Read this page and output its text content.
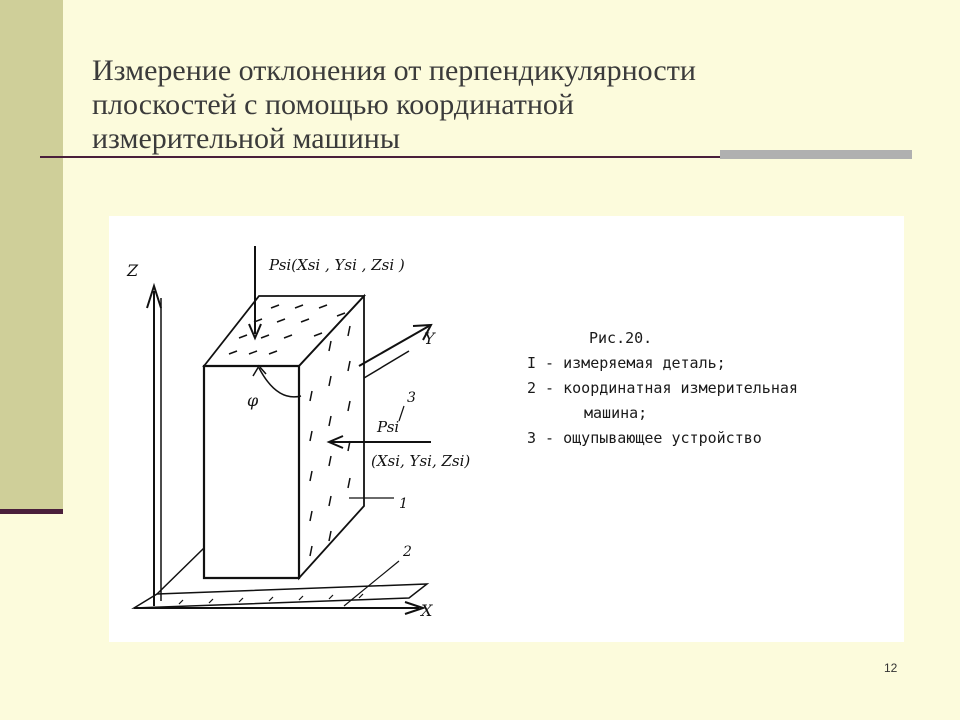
Измерение отклонения от перпендикулярности
плоскостей с помощью координатной
измерительной машины
Z
Y
X
Psi(Xsi , Ysi , Zsi )
Psi
(Xsi, Ysi, Zsi)
φ
1
2
3
Рис.20.
I - измеряемая деталь;
2 - координатная измерительная
машина;
3 - ощупывающее устройство
12
